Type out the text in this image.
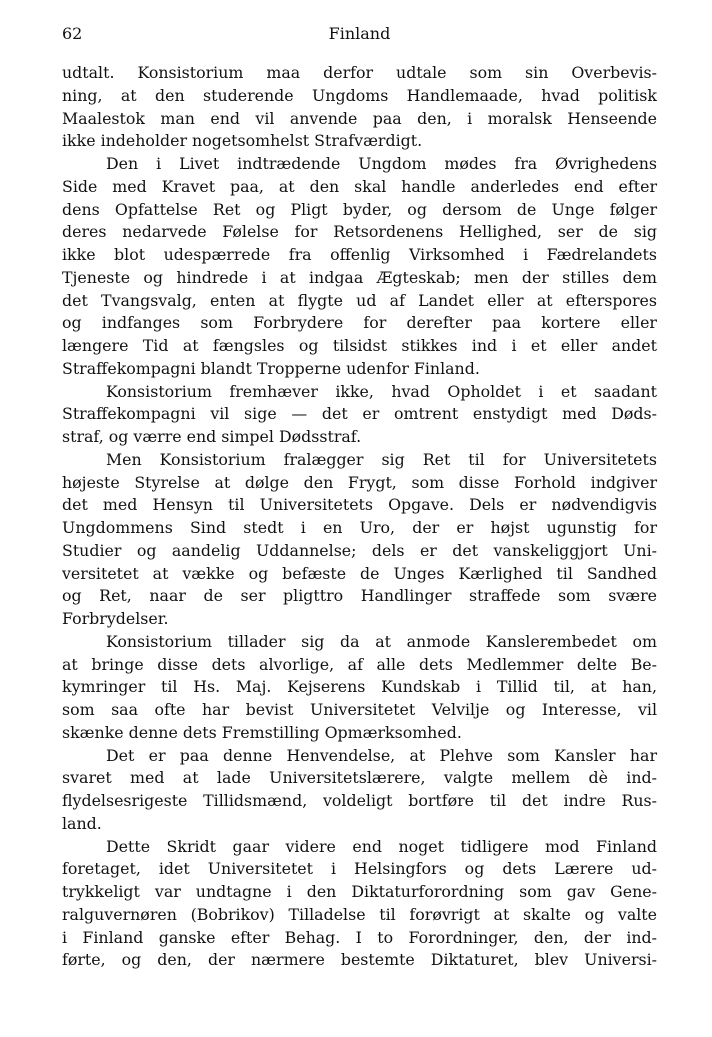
62	Finland
udtalt. Konsistorium maa derfor udtale som sin Overbevis-
ning, at den studerende Ungdoms Handlemaade, hvad politisk
Maalestok man end vil anvende paa den, i moralsk Henseende
ikke indeholder nogetsomhelst Strafværdigt.
Den i Livet indtrædende Ungdom mødes fra Øvrighedens
Side med Kravet paa, at den skal handle anderledes end efter
dens Opfattelse Ret og Pligt byder, og dersom de Unge følger
deres nedarvede Følelse for Retsordenens Hellighed, ser de sig
ikke blot udespærrede fra offenlig Virksomhed i Fædrelandets
Tjeneste og hindrede i at indgaa Ægteskab; men der stilles dem
det Tvangsvalg, enten at flygte ud af Landet eller at efterspores
og indfanges som Forbrydere for derefter paa kortere eller
længere Tid at fængsles og tilsidst stikkes ind i et eller andet
Straffekompagni blandt Tropperne udenfor Finland.
Konsistorium fremhæver ikke, hvad Opholdet i et saadant
Straffekompagni vil sige — det er omtrent enstydigt med Døds-
straf, og værre end simpel Dødsstraf.
Men Konsistorium fralægger sig Ret til for Universitetets
højeste Styrelse at dølge den Frygt, som disse Forhold indgiver
det med Hensyn til Universitetets Opgave. Dels er nødvendigvis
Ungdommens Sind stedt i en Uro, der er højst ugunstig for
Studier og aandelig Uddannelse; dels er det vanskeliggjort Uni-
versitetet at vække og befæste de Unges Kærlighed til Sandhed
og Ret, naar de ser pligttro Handlinger straffede som svære
Forbrydelser.
Konsistorium tillader sig da at anmode Kanslerembedet om
at bringe disse dets alvorlige, af alle dets Medlemmer delte Be-
kymringer til Hs. Maj. Kejserens Kundskab i Tillid til, at han,
som saa ofte har bevist Universitetet Velvilje og Interesse, vil
skænke denne dets Fremstilling Opmærksomhed.
Det er paa denne Henvendelse, at Plehve som Kansler har
svaret med at lade Universitetslærere, valgte mellem dè ind-
flydelsesrigeste Tillidsmænd, voldeligt bortføre til det indre Rus-
land.
Dette Skridt gaar videre end noget tidligere mod Finland
foretaget, idet Universitetet i Helsingfors og dets Lærere ud-
trykkeligt var undtagne i den Diktaturforordning som gav Gene-
ralguvernøren (Bobrikov) Tilladelse til forøvrigt at skalte og valte
i Finland ganske efter Behag. I to Forordninger, den, der ind-
førte, og den, der nærmere bestemte Diktaturet, blev Universi-
